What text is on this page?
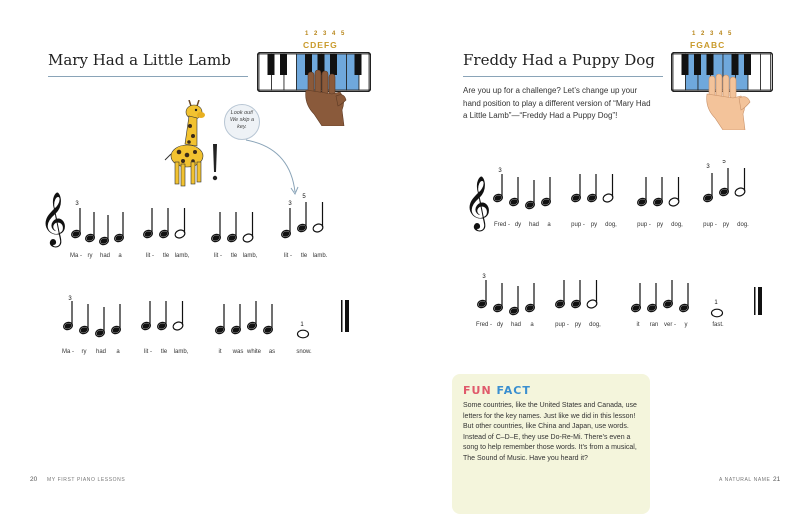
Mary Had a Little Lamb
1 2 3 4 5
CDEFG
Look out! We skip a key.
𝄞 3	3
5
Ma - ry had a	lit - tle lamb,	lit - tle lamb,	lit - tle lamb.
3
1
Ma - ry had a	lit - tle lamb,	it was white as	snow.
20 MY FIRST PIANO LESSONS
Freddy Had a Puppy Dog
1 2 3 4 5
FGABC
Are you up for a challenge? Let’s change up your hand position to play a different version of “Mary Had a Little Lamb”—“Freddy Had a Puppy Dog”!
𝄞
3
3
5
Fred - dy had a	pup - py dog,	pup - py dog,	pup - py dog.
3
1
Fred - dy had a	pup - py dog,	it ran ver - y	fast.
A NATURAL NAME 21
FUN FACT
Some countries, like the United States and Canada, use letters for the key names. Just like we did in this lesson! But other countries, like China and Japan, use words. Instead of C–D–E, they use Do-Re-Mi. There’s even a song to help remember those words. It’s from a musical, The Sound of Music. Have you heard it?
